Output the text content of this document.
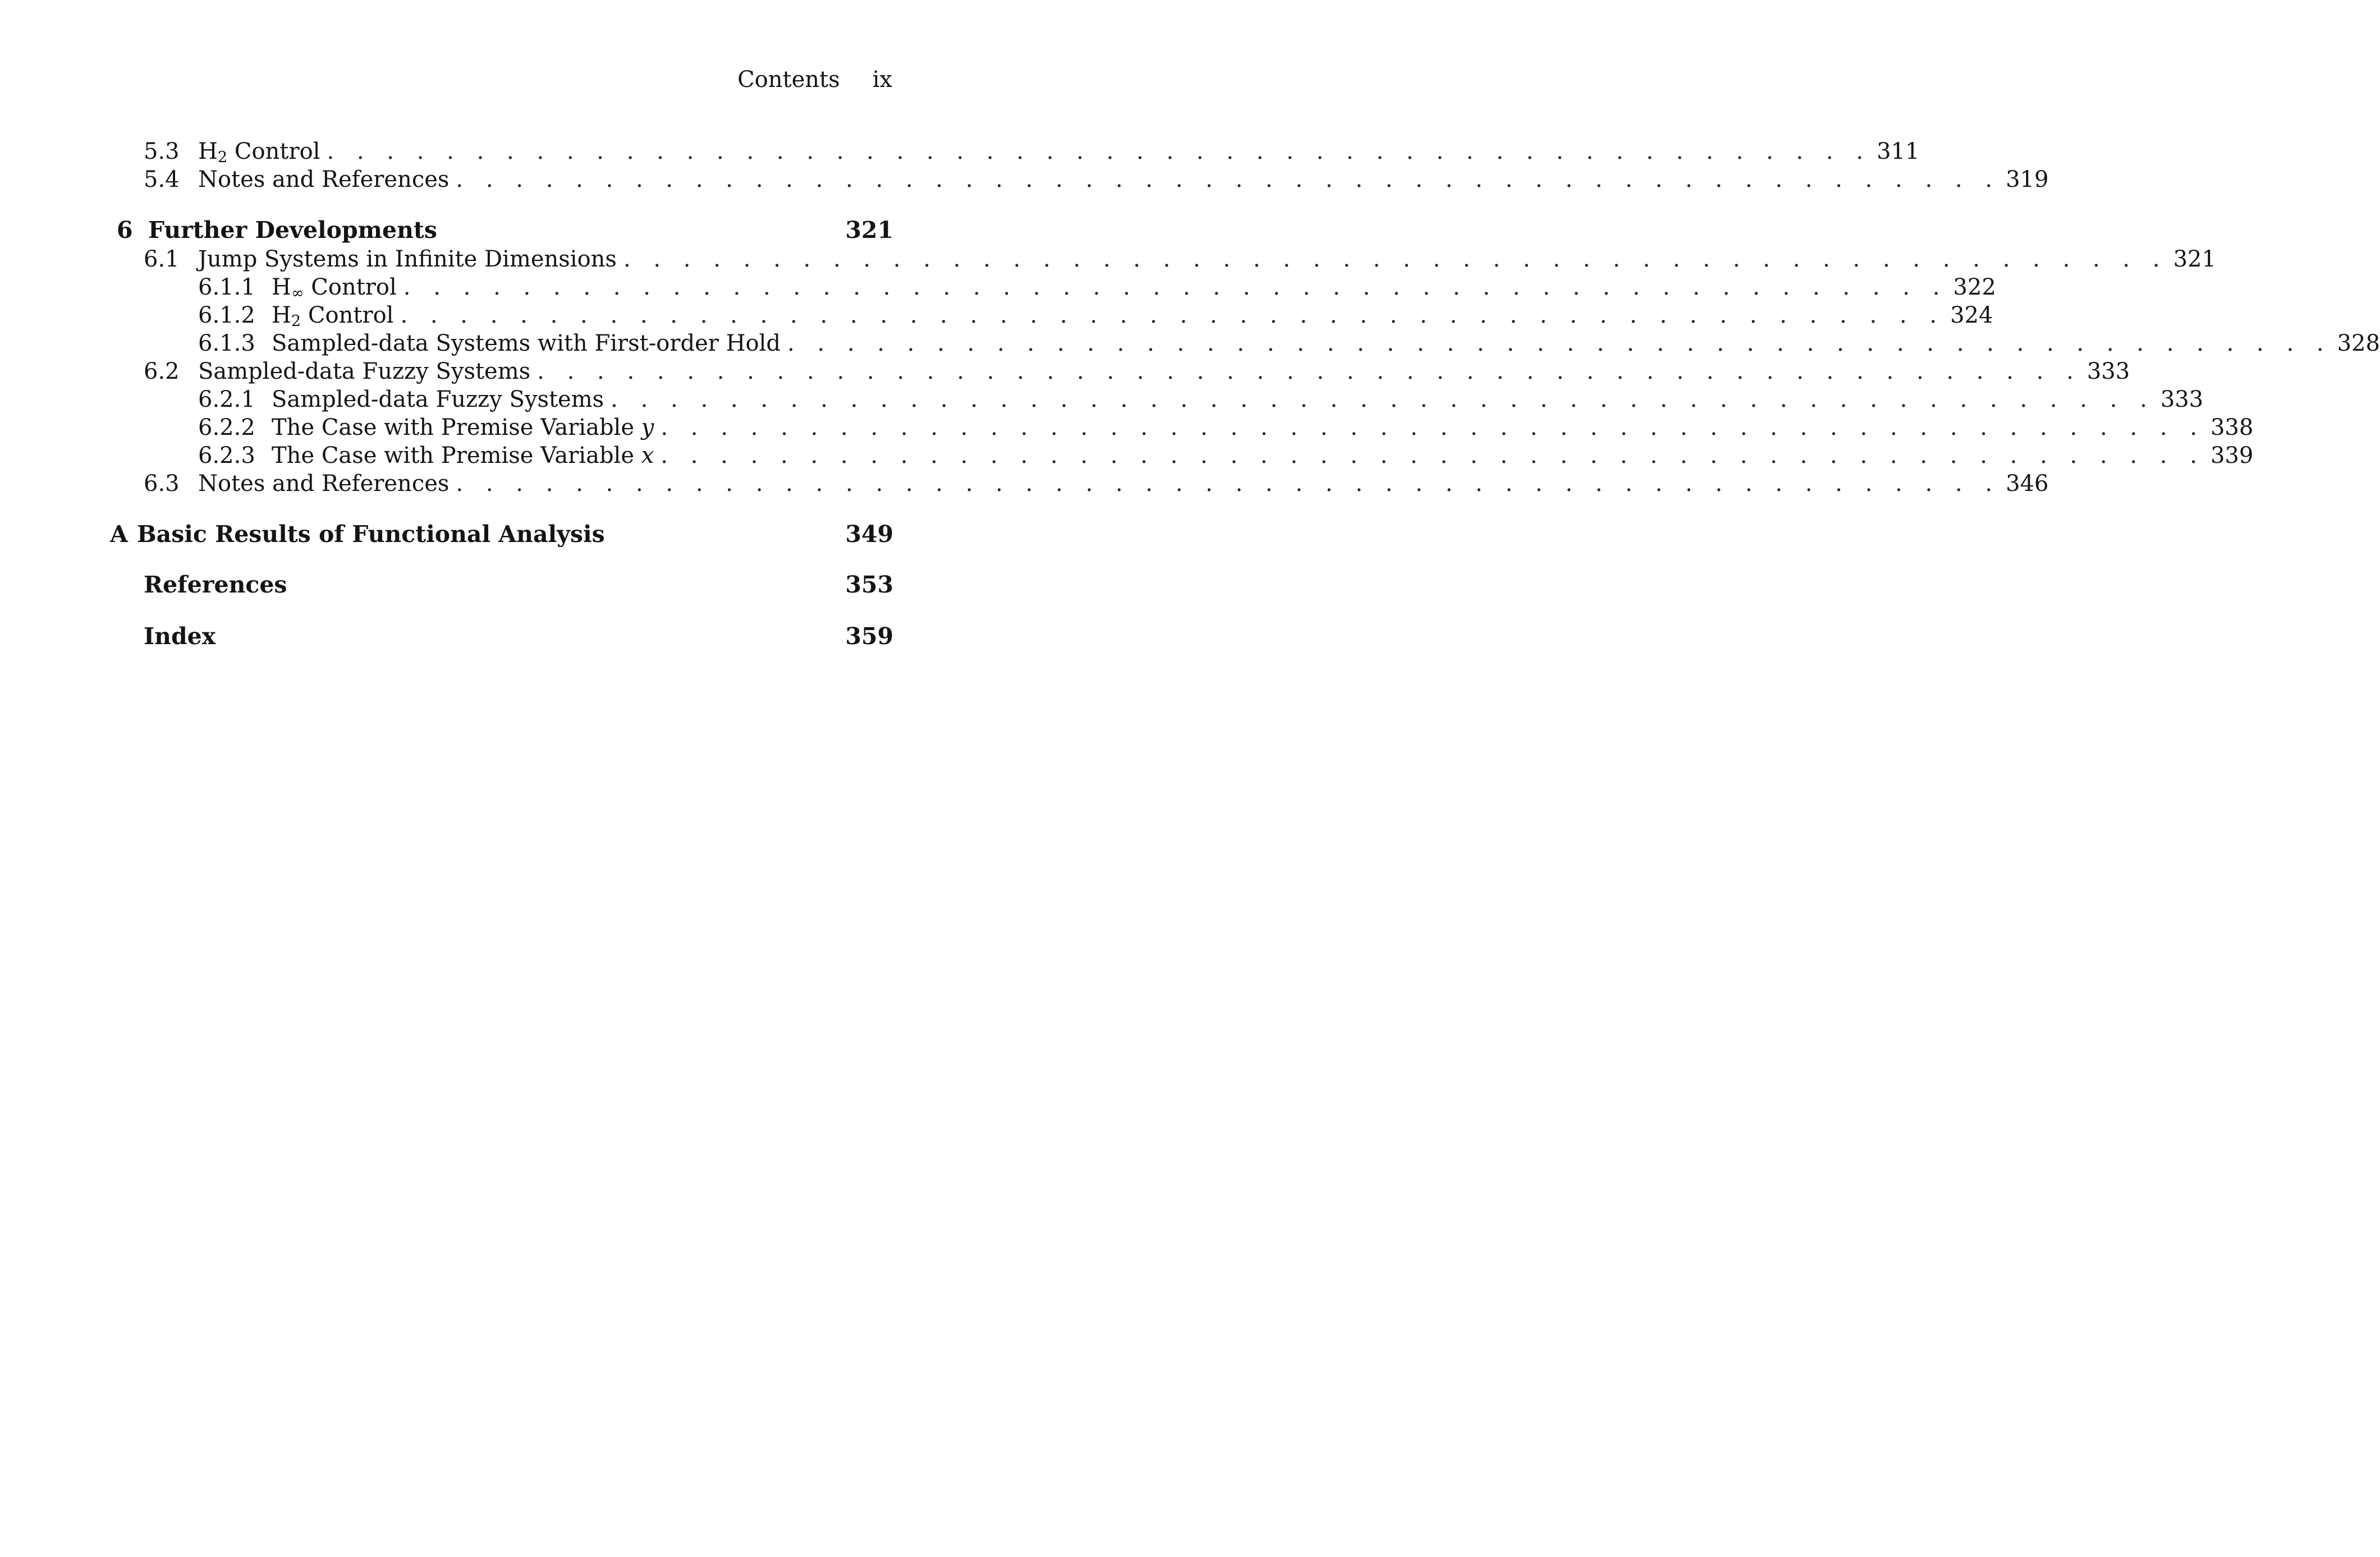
Contents ix
5.3 $H_2$ Control . . . . . . . . . . . . . . . . . . . . . . . . . . . . . . . . . . . . . . . . . . . . . . . . . . . . 311
5.4 Notes and References . . . . . . . . . . . . . . . . . . . . . . . . . . . . . . . . . . . . . . . . . . . . . . . . . . . . 319
6 Further Developments	321
6.1 Jump Systems in Infinite Dimensions . . . . . . . . . . . . . . . . . . . . . . . . . . . . . . . . . . . . . . . . . . . . . . . . . . . . 321
6.1.1 $H_\infty$ Control . . . . . . . . . . . . . . . . . . . . . . . . . . . . . . . . . . . . . . . . . . . . . . . . . . . . 322
6.1.2 $H_2$ Control . . . . . . . . . . . . . . . . . . . . . . . . . . . . . . . . . . . . . . . . . . . . . . . . . . . . 324
6.1.3 Sampled-data Systems with First-order Hold . . . . . . . . . . . . . . . . . . . . . . . . . . . . . . . . . . . . . . . . . . . . . . . . . . . . 328
6.2 Sampled-data Fuzzy Systems . . . . . . . . . . . . . . . . . . . . . . . . . . . . . . . . . . . . . . . . . . . . . . . . . . . . 333
6.2.1 Sampled-data Fuzzy Systems . . . . . . . . . . . . . . . . . . . . . . . . . . . . . . . . . . . . . . . . . . . . . . . . . . . . 333
6.2.2 The Case with Premise Variable y . . . . . . . . . . . . . . . . . . . . . . . . . . . . . . . . . . . . . . . . . . . . . . . . . . . . 338
6.2.3 The Case with Premise Variable x . . . . . . . . . . . . . . . . . . . . . . . . . . . . . . . . . . . . . . . . . . . . . . . . . . . . 339
6.3 Notes and References . . . . . . . . . . . . . . . . . . . . . . . . . . . . . . . . . . . . . . . . . . . . . . . . . . . . 346
A Basic Results of Functional Analysis	349
References	353
Index	359
